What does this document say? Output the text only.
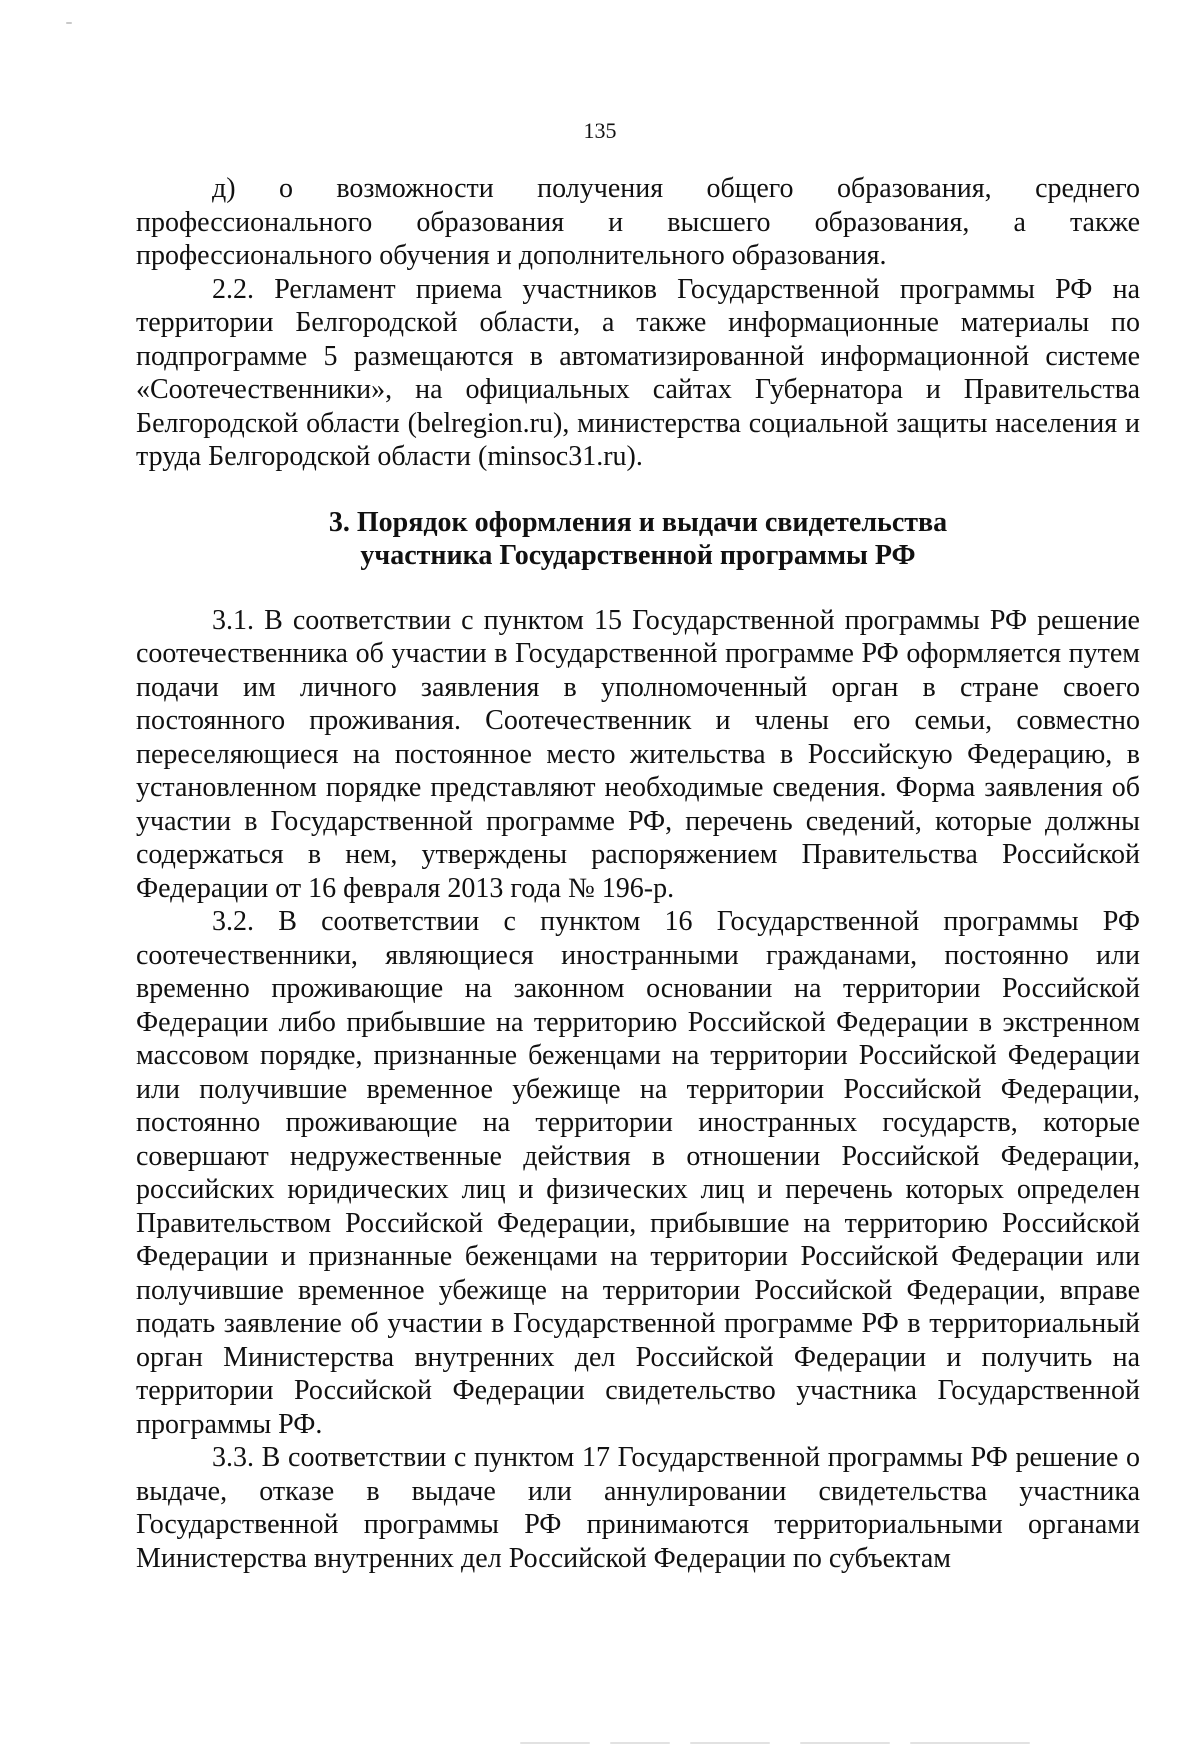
135

д) о возможности получения общего образования, среднего профессионального образования и высшего образования, а также профессионального обучения и дополнительного образования.

2.2. Регламент приема участников Государственной программы РФ на территории Белгородской области, а также информационные материалы по подпрограмме 5 размещаются в автоматизированной информационной системе «Соотечественники», на официальных сайтах Губернатора и Правительства Белгородской области (belregion.ru), министерства социальной защиты населения и труда Белгородской области (minsoc31.ru).

3. Порядок оформления и выдачи свидетельства
участника Государственной программы РФ

3.1. В соответствии с пунктом 15 Государственной программы РФ решение соотечественника об участии в Государственной программе РФ оформляется путем подачи им личного заявления в уполномоченный орган в стране своего постоянного проживания. Соотечественник и члены его семьи, совместно переселяющиеся на постоянное место жительства в Российскую Федерацию, в установленном порядке представляют необходимые сведения. Форма заявления об участии в Государственной программе РФ, перечень сведений, которые должны содержаться в нем, утверждены распоряжением Правительства Российской Федерации от 16 февраля 2013 года № 196-р.

3.2. В соответствии с пунктом 16 Государственной программы РФ соотечественники, являющиеся иностранными гражданами, постоянно или временно проживающие на законном основании на территории Российской Федерации либо прибывшие на территорию Российской Федерации в экстренном массовом порядке, признанные беженцами на территории Российской Федерации или получившие временное убежище на территории Российской Федерации, постоянно проживающие на территории иностранных государств, которые совершают недружественные действия в отношении Российской Федерации, российских юридических лиц и физических лиц и перечень которых определен Правительством Российской Федерации, прибывшие на территорию Российской Федерации и признанные беженцами на территории Российской Федерации или получившие временное убежище на территории Российской Федерации, вправе подать заявление об участии в Государственной программе РФ в территориальный орган Министерства внутренних дел Российской Федерации и получить на территории Российской Федерации свидетельство участника Государственной программы РФ.

3.3. В соответствии с пунктом 17 Государственной программы РФ решение о выдаче, отказе в выдаче или аннулировании свидетельства участника Государственной программы РФ принимаются территориальными органами Министерства внутренних дел Российской Федерации по субъектам
